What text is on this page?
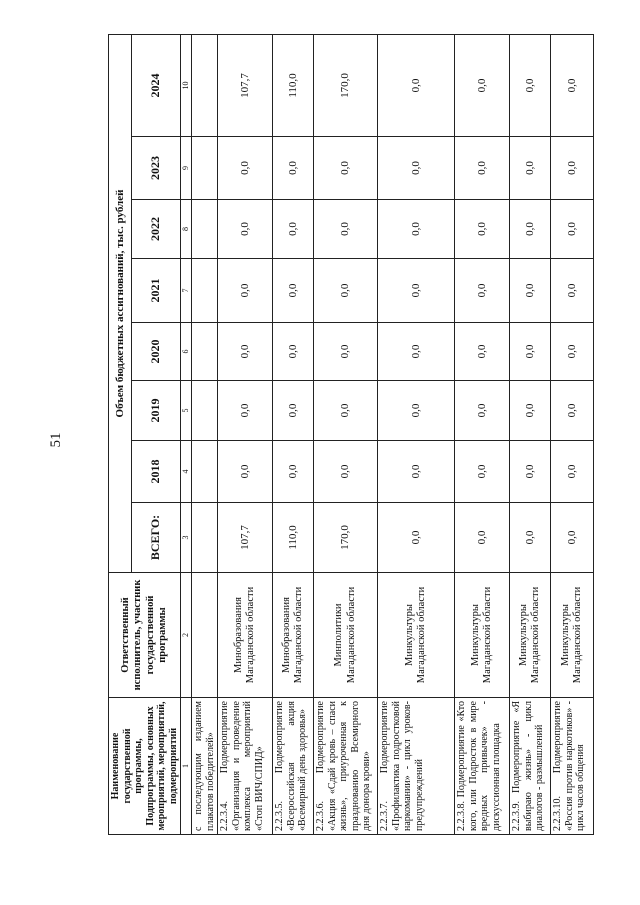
51
Наименование государственной программы, Подпрограммы, основных мероприятий, мероприятий, подмероприятий	Ответственный исполнитель, участник государственной программы	Объем бюджетных ассигнований, тыс. рублей							
		ВСЕГО:	2018	2019	2020	2021	2022	2023	2024
1	2	3	4	5	6	7	8	9	10
с последующим изданием плакатов победителей»									
2.2.3.4. Подмероприятие «Организация и проведение комплекса мероприятий «Стоп ВИЧ/СПИД»	Минобразования Магаданской области	107,7	0,0	0,0	0,0	0,0	0,0	0,0	107,7
2.2.3.5. Подмероприятие «Всероссийская акция «Всемирный день здоровья»	Минобразования Магаданской области	110,0	0,0	0,0	0,0	0,0	0,0	0,0	110,0
2.2.3.6. Подмероприятие «Акция «Сдай кровь – спаси жизнь», приуроченная к празднованию Всемирного дня донора крови»	Минполитики Магаданской области	170,0	0,0	0,0	0,0	0,0	0,0	0,0	170,0
2.2.3.7. Подмероприятие «Профилактика подростковой наркомании» - цикл уроков-предупреждений	Минкультуры Магаданской области	0,0	0,0	0,0	0,0	0,0	0,0	0,0	0,0
2.2.3.8. Подмероприятие «Кто кого, или Подросток в мире вредных привычек» - дискуссионная площадка	Минкультуры Магаданской области	0,0	0,0	0,0	0,0	0,0	0,0	0,0	0,0
2.2.3.9. Подмероприятие «Я выбираю жизнь» - цикл диалогов - размышлений	Минкультуры Магаданской области	0,0	0,0	0,0	0,0	0,0	0,0	0,0	0,0
2.2.3.10. Подмероприятие «Россия против наркотиков» - цикл часов общения	Минкультуры Магаданской области	0,0	0,0	0,0	0,0	0,0	0,0	0,0	0,0
